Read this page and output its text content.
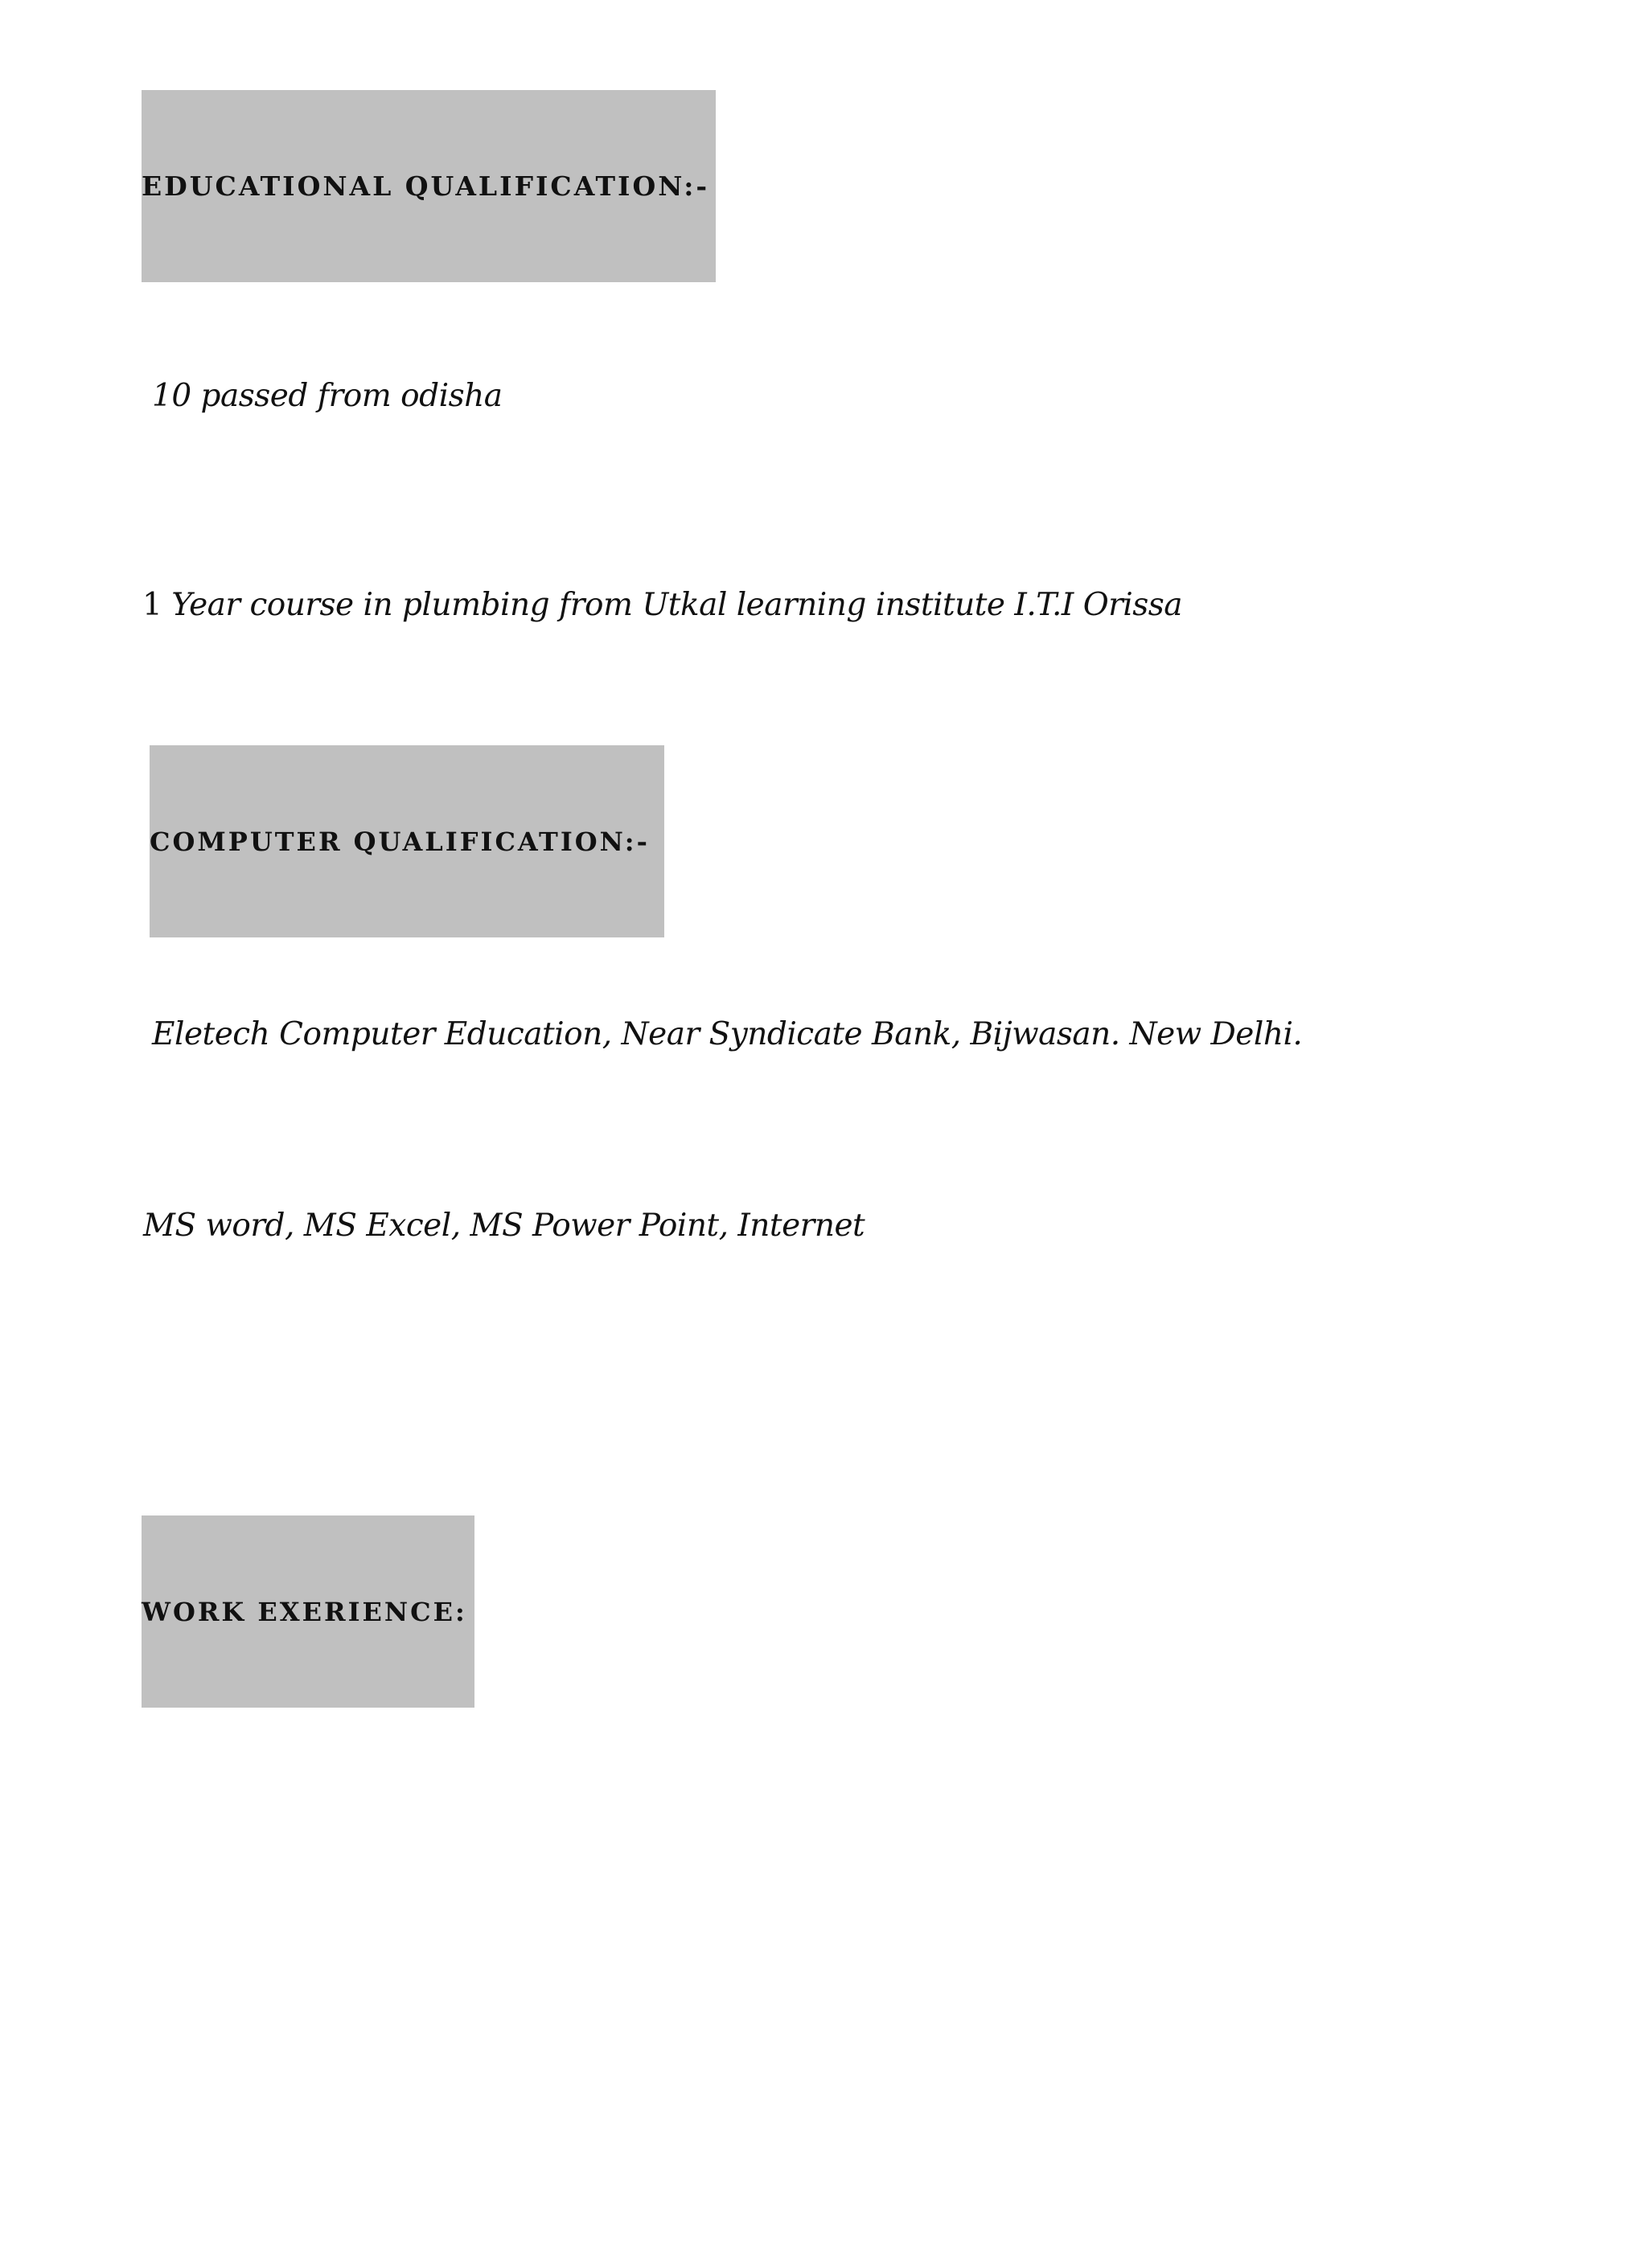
EDUCATIONAL QUALIFICATION:-
10 passed from odisha
1 Year course in plumbing from Utkal learning institute I.T.I Orissa
COMPUTER QUALIFICATION:-
Eletech Computer Education, Near Syndicate Bank, Bijwasan. New Delhi.
MS word, MS Excel, MS Power Point, Internet
WORK EXERIENCE:
